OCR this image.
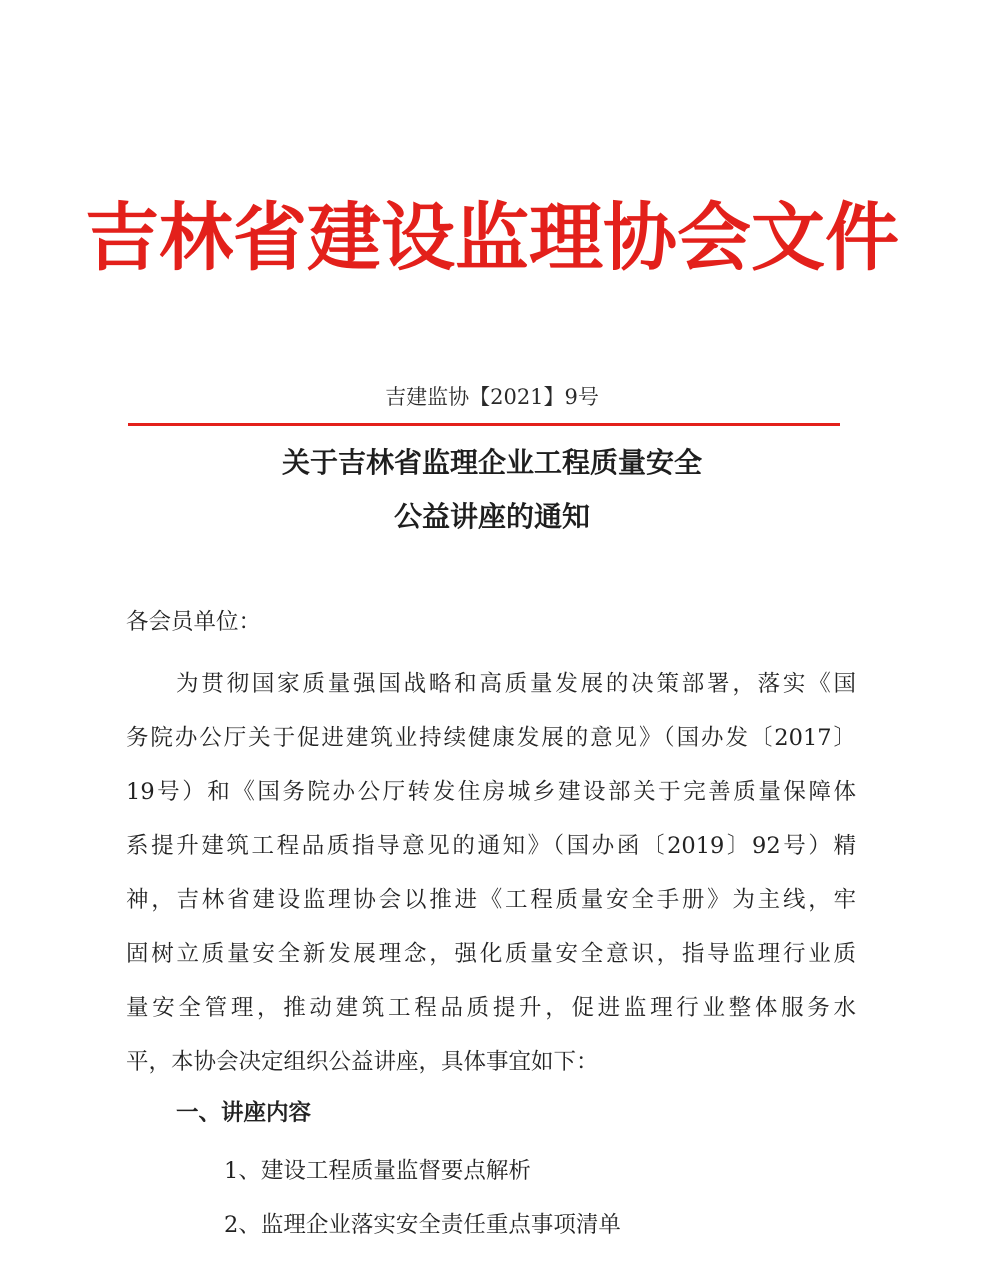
吉林省建设监理协会文件
吉建监协【2021】9号
关于吉林省监理企业工程质量安全
公益讲座的通知
各会员单位：
为贯彻国家质量强国战略和高质量发展的决策部署，落实《国
务院办公厅关于促进建筑业持续健康发展的意见》（国办发〔2017〕
19号）和《国务院办公厅转发住房城乡建设部关于完善质量保障体
系提升建筑工程品质指导意见的通知》（国办函〔2019〕92号）精
神，吉林省建设监理协会以推进《工程质量安全手册》为主线，牢
固树立质量安全新发展理念，强化质量安全意识，指导监理行业质
量安全管理，推动建筑工程品质提升，促进监理行业整体服务水
平，本协会决定组织公益讲座，具体事宜如下：
一、讲座内容
1、建设工程质量监督要点解析
2、监理企业落实安全责任重点事项清单
